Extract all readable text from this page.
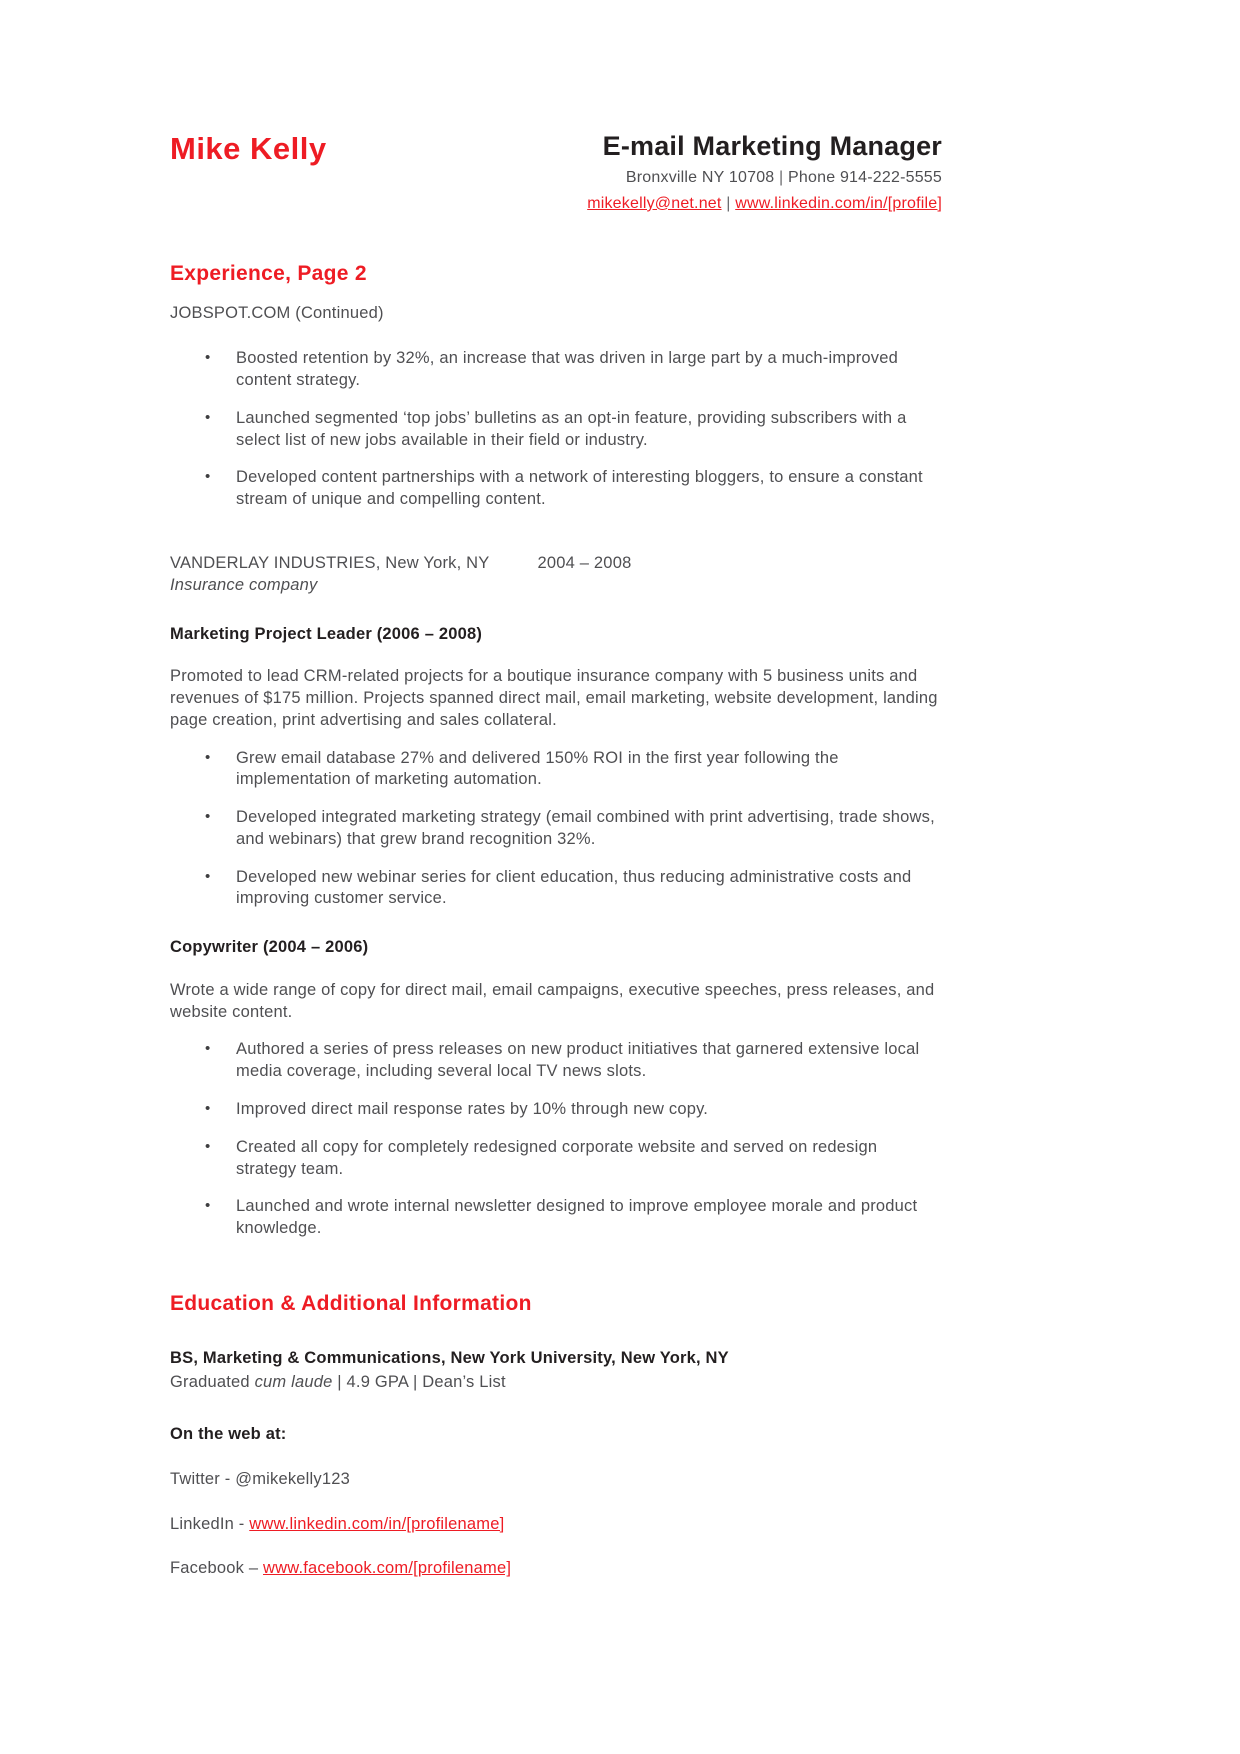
Mike Kelly	E-mail Marketing Manager
Bronxville NY 10708 | Phone 914-222-5555
mikekelly@net.net | www.linkedin.com/in/[profile]
Experience, Page 2
JOBSPOT.COM (Continued)
• Boosted retention by 32%, an increase that was driven in large part by a much-improved content strategy.
• Launched segmented ‘top jobs’ bulletins as an opt-in feature, providing subscribers with a select list of new jobs available in their field or industry.
• Developed content partnerships with a network of interesting bloggers, to ensure a constant stream of unique and compelling content.
VANDERLAY INDUSTRIES, New York, NY	2004 – 2008
Insurance company
Marketing Project Leader (2006 – 2008)
Promoted to lead CRM-related projects for a boutique insurance company with 5 business units and revenues of $175 million. Projects spanned direct mail, email marketing, website development, landing page creation, print advertising and sales collateral.
• Grew email database 27% and delivered 150% ROI in the first year following the implementation of marketing automation.
• Developed integrated marketing strategy (email combined with print advertising, trade shows, and webinars) that grew brand recognition 32%.
• Developed new webinar series for client education, thus reducing administrative costs and improving customer service.
Copywriter (2004 – 2006)
Wrote a wide range of copy for direct mail, email campaigns, executive speeches, press releases, and website content.
• Authored a series of press releases on new product initiatives that garnered extensive local media coverage, including several local TV news slots.
• Improved direct mail response rates by 10% through new copy.
• Created all copy for completely redesigned corporate website and served on redesign strategy team.
• Launched and wrote internal newsletter designed to improve employee morale and product knowledge.
Education & Additional Information
BS, Marketing & Communications, New York University, New York, NY
Graduated cum laude | 4.9 GPA | Dean’s List
On the web at:
Twitter - @mikekelly123
LinkedIn - www.linkedin.com/in/[profilename]
Facebook – www.facebook.com/[profilename]
